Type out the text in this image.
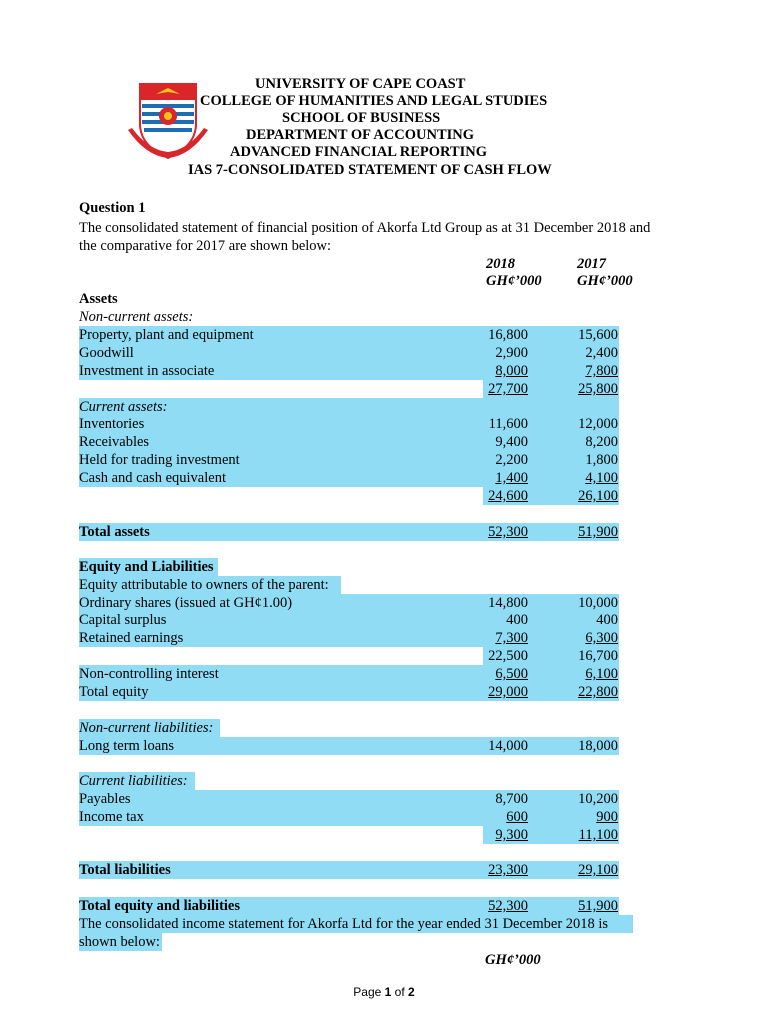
UNIVERSITY OF CAPE COAST
COLLEGE OF HUMANITIES AND LEGAL STUDIES
SCHOOL OF BUSINESS
DEPARTMENT OF ACCOUNTING
ADVANCED FINANCIAL REPORTING
IAS 7-CONSOLIDATED STATEMENT OF CASH FLOW
Question 1
The consolidated statement of financial position of Akorfa Ltd Group as at 31 December 2018 and the comparative for 2017 are shown below:
2018
GH¢’000
2017
GH¢’000
Assets
Non-current assets:
Property, plant and equipment	16,800	15,600
Goodwill	2,900	2,400
Investment in associate	8,000	7,800
27,700	25,800
Current assets:
Inventories	11,600	12,000
Receivables	9,400	8,200
Held for trading investment	2,200	1,800
Cash and cash equivalent	1,400	4,100
24,600	26,100
Total assets	52,300	51,900
Equity and Liabilities
Equity attributable to owners of the parent:
Ordinary shares (issued at GH¢1.00)	14,800	10,000
Capital surplus	400	400
Retained earnings	7,300	6,300
22,500	16,700
Non-controlling interest	6,500	6,100
Total equity	29,000	22,800
Non-current liabilities:
Long term loans	14,000	18,000
Current liabilities:
Payables	8,700	10,200
Income tax	600	900
9,300	11,100
Total liabilities	23,300	29,100
Total equity and liabilities	52,300	51,900
The consolidated income statement for Akorfa Ltd for the year ended 31 December 2018 is
shown below:
GH¢’000
Page 1 of 2
